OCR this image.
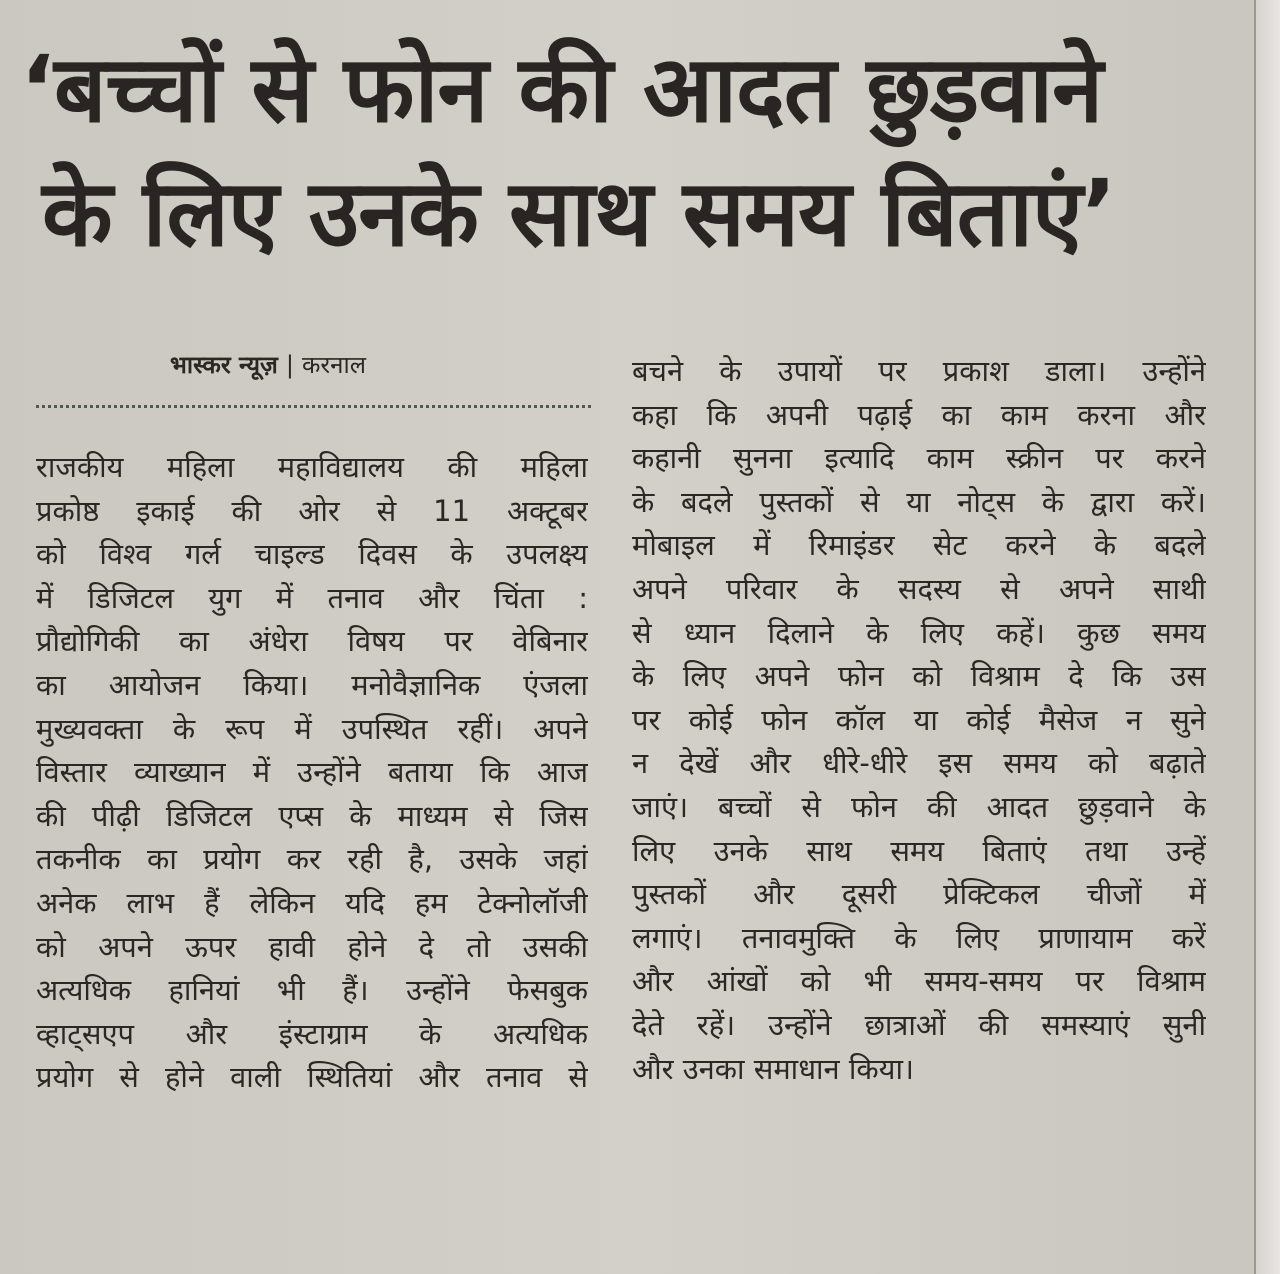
‘बच्चों से फोन की आदत छुड़वाने
के लिए उनके साथ समय बिताएं’
भास्कर न्यूज़ | करनाल
राजकीय महिला महाविद्यालय की महिला
प्रकोष्ठ इकाई की ओर से 11 अक्टूबर
को विश्व गर्ल चाइल्ड दिवस के उपलक्ष्य
में डिजिटल युग में तनाव और चिंता :
प्रौद्योगिकी का अंधेरा विषय पर वेबिनार
का आयोजन किया। मनोवैज्ञानिक एंजला
मुख्यवक्ता के रूप में उपस्थित रहीं। अपने
विस्तार व्याख्यान में उन्होंने बताया कि आज
की पीढ़ी डिजिटल एप्स के माध्यम से जिस
तकनीक का प्रयोग कर रही है, उसके जहां
अनेक लाभ हैं लेकिन यदि हम टेक्नोलॉजी
को अपने ऊपर हावी होने दे तो उसकी
अत्यधिक हानियां भी हैं। उन्होंने फेसबुक
व्हाट्सएप और इंस्टाग्राम के अत्यधिक
प्रयोग से होने वाली स्थितियां और तनाव से
बचने के उपायों पर प्रकाश डाला। उन्होंने
कहा कि अपनी पढ़ाई का काम करना और
कहानी सुनना इत्यादि काम स्क्रीन पर करने
के बदले पुस्तकों से या नोट्स के द्वारा करें।
मोबाइल में रिमाइंडर सेट करने के बदले
अपने परिवार के सदस्य से अपने साथी
से ध्यान दिलाने के लिए कहें। कुछ समय
के लिए अपने फोन को विश्राम दे कि उस
पर कोई फोन कॉल या कोई मैसेज न सुने
न देखें और धीरे-धीरे इस समय को बढ़ाते
जाएं। बच्चों से फोन की आदत छुड़वाने के
लिए उनके साथ समय बिताएं तथा उन्हें
पुस्तकों और दूसरी प्रेक्टिकल चीजों में
लगाएं। तनावमुक्ति के लिए प्राणायाम करें
और आंखों को भी समय-समय पर विश्राम
देते रहें। उन्होंने छात्राओं की समस्याएं सुनी
और उनका समाधान किया।
